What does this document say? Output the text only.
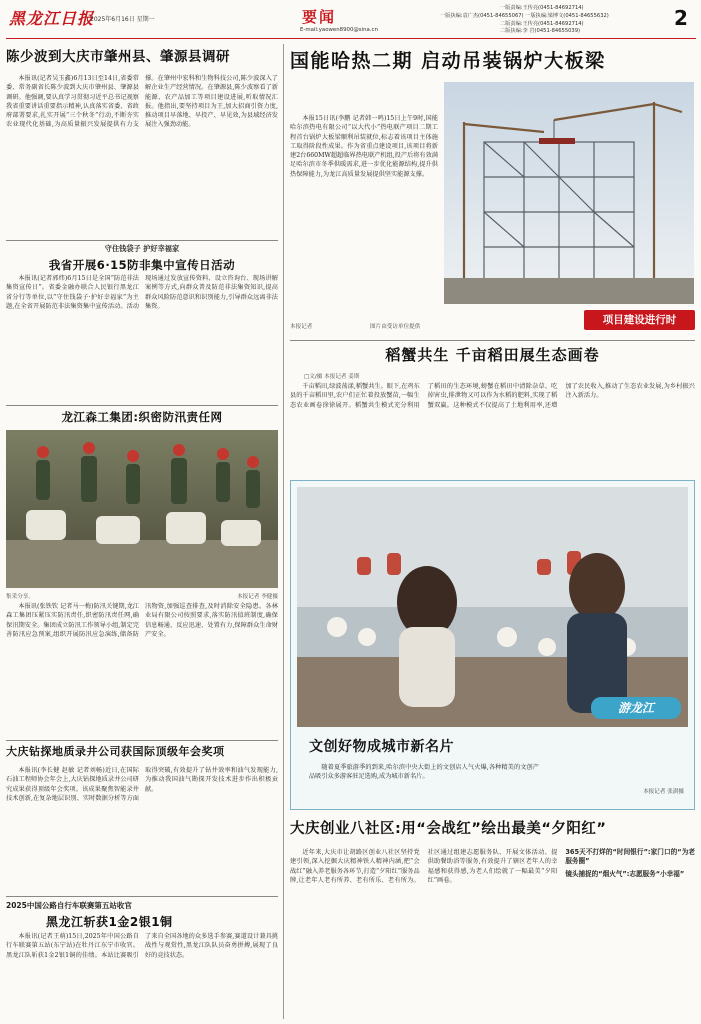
黑龙江日报
2025年6月16日 星期一	要闻
E-mail:yaowen8900@sina.cn
一版责编:王传亮(0451-84692714)
一版执编:袁广杰(0451-84655067) 一版执编:梁博文(0451-84655632)
二版责编:王传亮(0451-84692714)
二版执编:李 岩(0451-84655039)
2
陈少波到大庆市肇州县、肇源县调研

本报讯(记者吴玉鑫)6月13日至14日,省委常委、常务副省长陈少波到大庆市肇州县、肇源县调研。他强调,要认真学习贯彻习近平总书记视察我省重要讲话重要指示精神,认真落实省委、省政府部署要求,扎实开展“三个秋冬”行动,不断夯实农业现代化基础,为高质量振兴发展提供有力支撑。在肇州中宏科和生物科技公司,陈少波深入了解企业生产经营情况。在肇源县,陈少波察看了新能源、农产品加工等项目建设进展,听取情况汇报。他指出,要坚持项目为王,加大招商引资力度,推动项目早落地、早投产、早见效,为县域经济发展注入强劲动能。

守住钱袋子 护好幸福家
我省开展6·15防非集中宣传日活动

本报讯(记者郭炜)6月15日是全国“防范非法集资宣传日”。省委金融办联合人民银行黑龙江省分行等单位,以“守住钱袋子·护好幸福家”为主题,在全省开展防范非法集资集中宣传活动。活动现场通过发放宣传资料、设立咨询台、现场讲解案例等方式,向群众普及防范非法集资知识,提高群众风险防范意识和识别能力,引导群众远离非法集资。

龙江森工集团:织密防汛责任网
集采分享。	本报记者 李健摄

本报讯(张铁钦 记者马一梅)防汛关键期,龙江森工集团压紧压实防汛责任,织密防汛责任网,确保汛期安全。集团成立防汛工作领导小组,制定完善防汛应急预案,组织开展防汛应急演练,储备防汛物资,加强巡查排查,及时消除安全隐患。各林业局有限公司按照要求,落实防汛值班制度,确保信息畅通、反应迅速、处置有力,保障群众生命财产安全。

大庆钻探地质录井公司获国际顶级年会奖项

本报讯(李长健 赵敏 记者刘畅)近日,在国际石油工程师协会年会上,大庆钻探地质录井公司研究成果获得顶级年会奖项。该成果聚焦智能录井技术创新,在复杂地层识别、实时数据分析等方面取得突破,有效提升了钻井效率和油气发现能力,为推动我国油气勘探开发技术进步作出积极贡献。

2025中国公路自行车联赛第五站收官
黑龙江斩获1金2银1铜

本报讯(记者王萌)15日,2025年中国公路自行车联赛第五站(东宁站)在牡丹江东宁市收官。黑龙江队斩获1金2银1铜的佳绩。本站比赛吸引了来自全国各地的众多选手参赛,赛道设计兼具挑战性与观赏性,黑龙江队队员奋勇拼搏,展现了良好的竞技状态。

国能哈热二期 启动吊装锅炉大板梁

本报15日讯(李鹏 记者韩一鸣)15日上午9时,国能哈尔滨热电有限公司“以大代小”热电联产项目二期工程首台锅炉大板梁顺利吊装就位,标志着该项目主体施工取得阶段性成果。作为省重点建设项目,该项目将新建2台660MW超超临界热电联产机组,投产后将有效满足哈尔滨市冬季供暖需求,进一步优化能源结构,提升供热保障能力,为龙江高质量发展提供坚实能源支撑。

本报记者	图片由受访单位提供
项目建设进行时
稻蟹共生 千亩稻田展生态画卷
□文/摄 本报记者 姜斯

千亩稻田,绿波荡漾,稻蟹共生。眼下,在鸡东县的千亩稻田里,农户们正忙着投放蟹苗,一幅生态农业画卷徐徐展开。稻蟹共生模式充分利用了稻田的生态环境,螃蟹在稻田中清除杂草、吃掉害虫,排泄物又可以作为水稻的肥料,实现了稻蟹双赢。这种模式不仅提高了土地利用率,还增加了农民收入,推动了生态农业发展,为乡村振兴注入新活力。

游龙江
文创好物成城市新名片

随着夏季旅游季的到来,哈尔滨中央大街上的文创店人气火爆,各种精美的文创产品吸引众多游客驻足选购,成为城市新名片。

本报记者 张澍摄
大庆创业八社区:用“会战红”绘出最美“夕阳红”

近年来,大庆市让胡路区创业八社区坚持党建引领,深入挖掘大庆精神铁人精神内涵,把“会战红”融入养老服务各环节,打造“夕阳红”服务品牌,让老年人老有所养、老有所乐、老有所为。社区通过组建志愿服务队、开展文体活动、提供助餐助浴等服务,有效提升了辖区老年人的幸福感和获得感,为老人们绘就了一幅最美“夕阳红”画卷。

365天不打烊的“时间银行”:家门口的“为老服务圈”
镜头捕捉的“烟火气”:志愿服务“小幸福”
